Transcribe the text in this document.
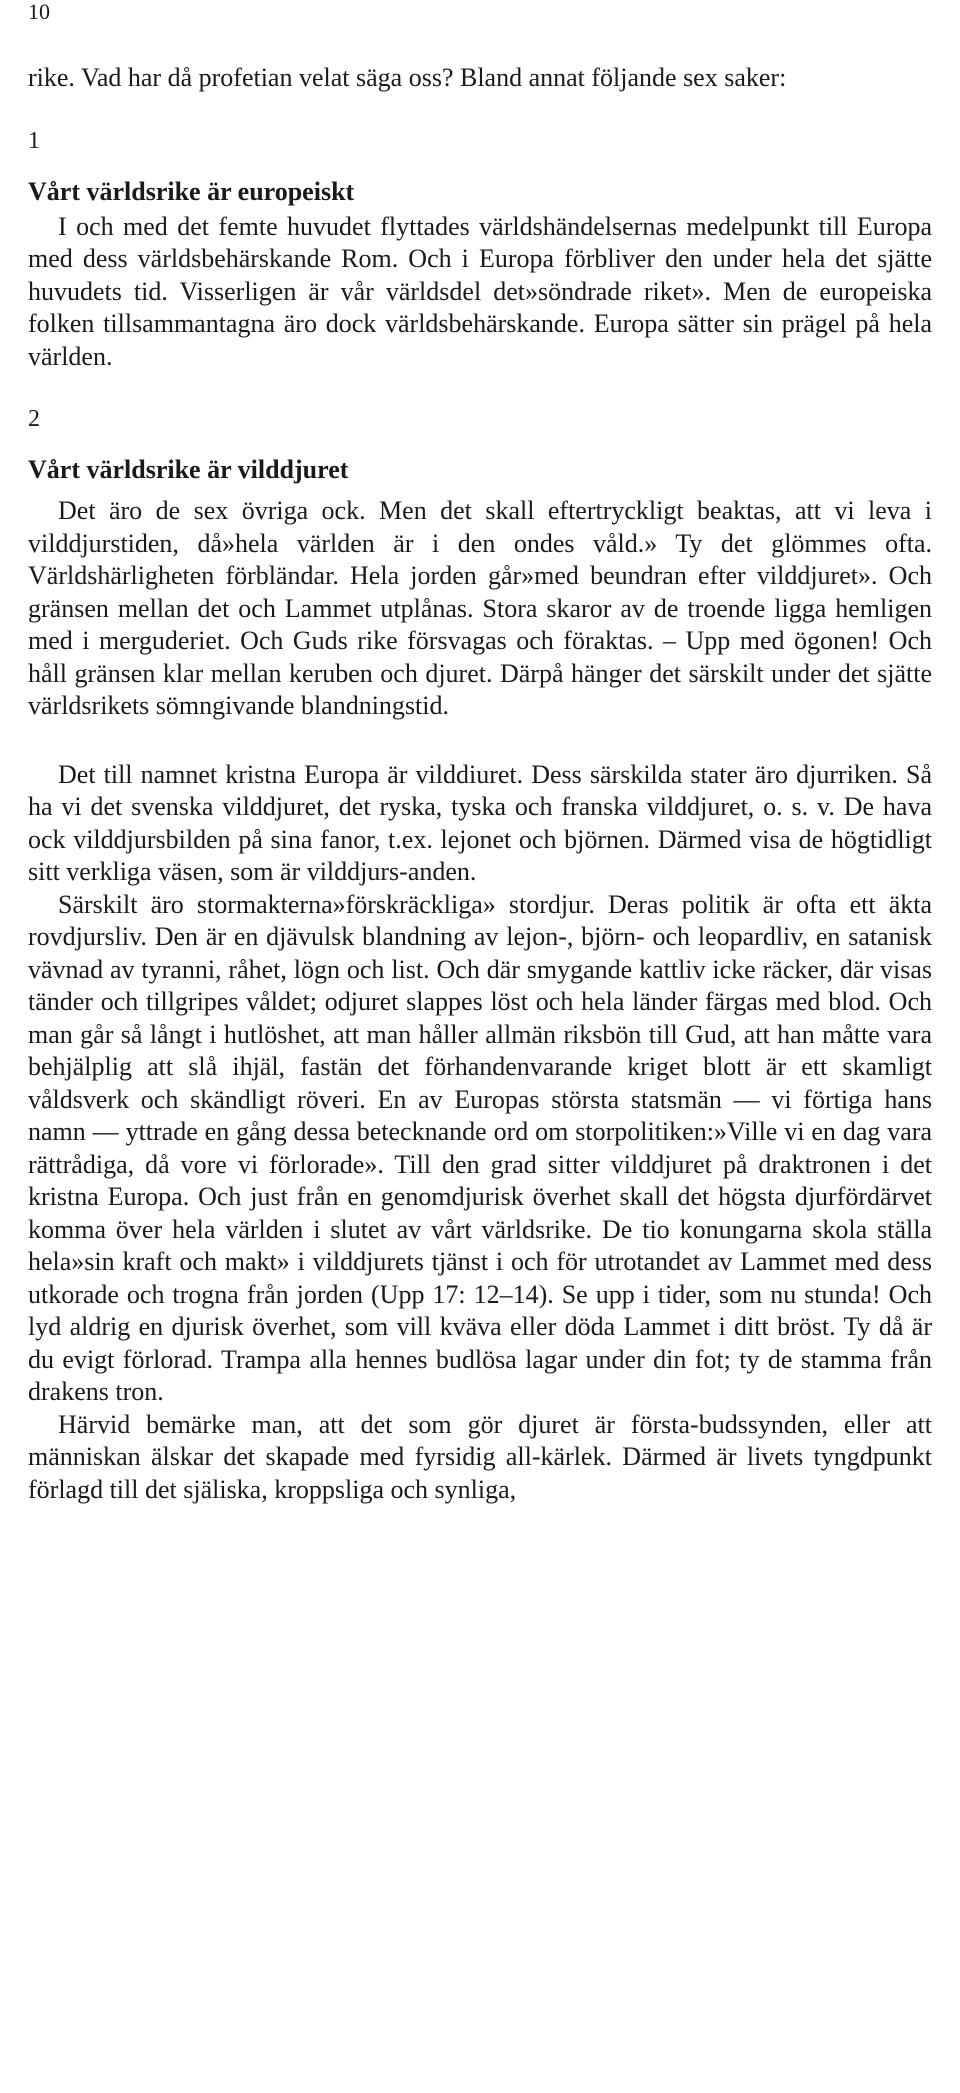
10

rike. Vad har då profetian velat säga oss? Bland annat följande sex saker:

1

Vårt världsrike är europeiskt

I och med det femte huvudet flyttades världshändelsernas medelpunkt till Europa med dess världsbehärskande Rom. Och i Europa förbliver den under hela det sjätte huvudets tid. Visserligen är vår världsdel det»söndrade riket». Men de europeiska folken tillsammantagna äro dock världsbehärskande. Europa sätter sin prägel på hela världen.

2

Vårt världsrike är vilddjuret

Det äro de sex övriga ock. Men det skall eftertryckligt beaktas, att vi leva i vilddjurstiden, då»hela världen är i den ondes våld.» Ty det glömmes ofta. Världshärligheten förbländar. Hela jorden går»med beundran efter vilddjuret». Och gränsen mellan det och Lammet utplånas. Stora skaror av de troende ligga hemligen med i merguderiet. Och Guds rike försvagas och föraktas. – Upp med ögonen! Och håll gränsen klar mellan keruben och djuret. Därpå hänger det särskilt under det sjätte världsrikets sömngivande blandningstid.

Det till namnet kristna Europa är vilddiuret. Dess särskilda stater äro djurriken. Så ha vi det svenska vilddjuret, det ryska, tyska och franska vilddjuret, o. s. v. De hava ock vilddjursbilden på sina fanor, t.ex. lejonet och björnen. Därmed visa de högtidligt sitt verkliga väsen, som är vilddjurs-anden.

Särskilt äro stormakterna»förskräckliga» stordjur. Deras politik är ofta ett äkta rovdjursliv. Den är en djävulsk blandning av lejon-, björn- och leopardliv, en satanisk vävnad av tyranni, råhet, lögn och list. Och där smygande kattliv icke räcker, där visas tänder och tillgripes våldet; odjuret slappes löst och hela länder färgas med blod. Och man går så långt i hutlöshet, att man håller allmän riksbön till Gud, att han måtte vara behjälplig att slå ihjäl, fastän det förhandenvarande kriget blott är ett skamligt våldsverk och skändligt röveri. En av Europas största statsmän — vi förtiga hans namn — yttrade en gång dessa betecknande ord om storpolitiken:»Ville vi en dag vara rättrådiga, då vore vi förlorade». Till den grad sitter vilddjuret på draktronen i det kristna Europa. Och just från en genomdjurisk överhet skall det högsta djurfördärvet komma över hela världen i slutet av vårt världsrike. De tio konungarna skola ställa hela»sin kraft och makt» i vilddjurets tjänst i och för utrotandet av Lammet med dess utkorade och trogna från jorden (Upp 17: 12–14). Se upp i tider, som nu stunda! Och lyd aldrig en djurisk överhet, som vill kväva eller döda Lammet i ditt bröst. Ty då är du evigt förlorad. Trampa alla hennes budlösa lagar under din fot; ty de stamma från drakens tron.

Härvid bemärke man, att det som gör djuret är första-budssynden, eller att människan älskar det skapade med fyrsidig all-kärlek. Därmed är livets tyngdpunkt förlagd till det själiska, kroppsliga och synliga,
